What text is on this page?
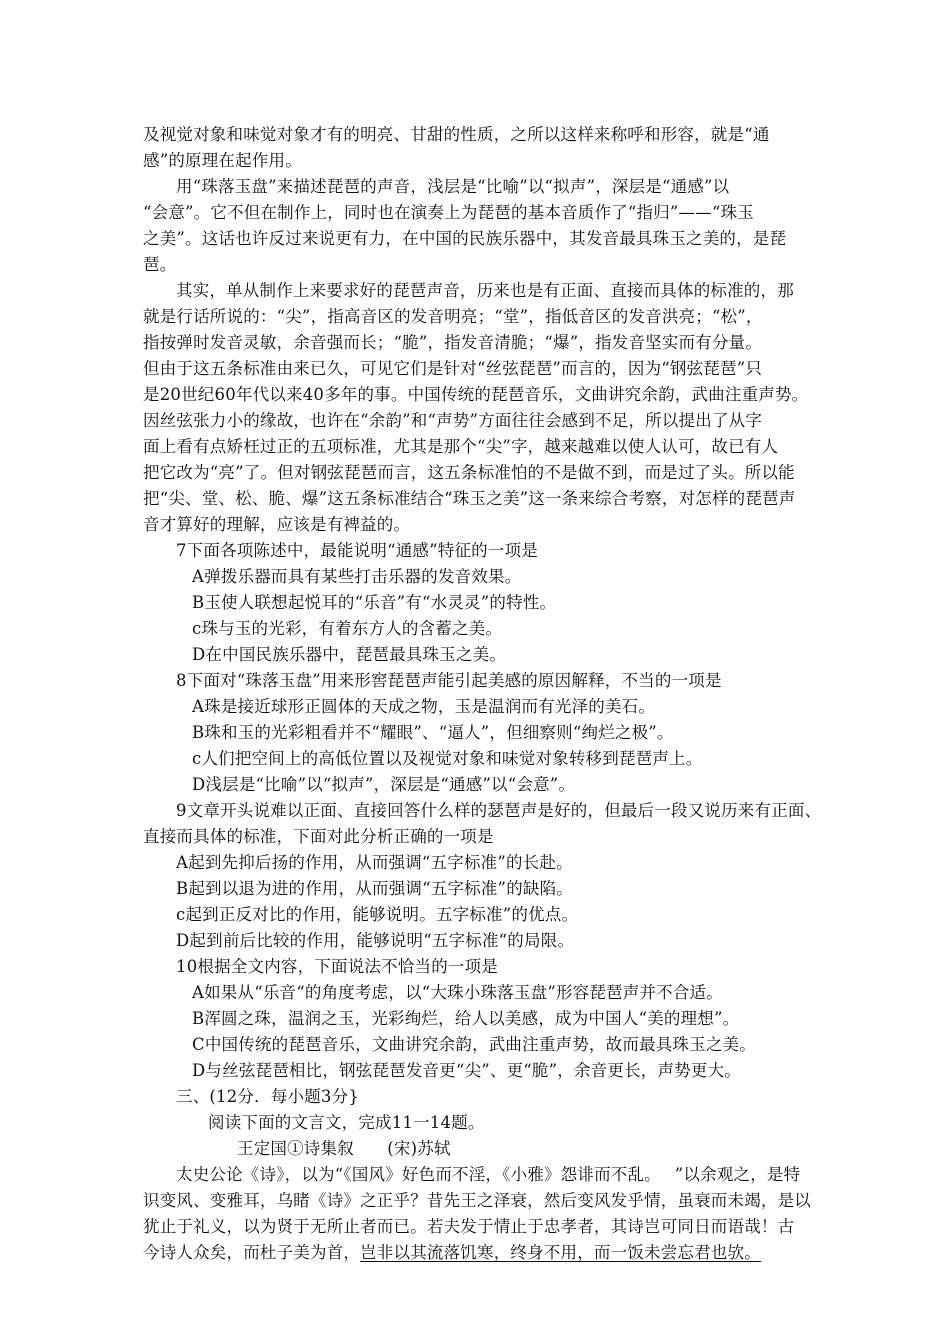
及视觉对象和味觉对象才有的明亮、甘甜的性质，之所以这样来称呼和形容，就是“通
感”的原理在起作用。
用“珠落玉盘”来描述琵琶的声音，浅层是“比喻”以“拟声”，深层是“通感”以
“会意”。它不但在制作上，同时也在演奏上为琵琶的基本音质作了“指归”——“珠玉
之美”。这话也许反过来说更有力，在中国的民族乐器中，其发音最具珠玉之美的，是琵
琶。
其实，单从制作上来要求好的琵琶声音，历来也是有正面、直接而具体的标准的，那
就是行话所说的：“尖”，指高音区的发音明亮；“堂”，指低音区的发音洪亮；“松”，
指按弹时发音灵敏，余音强而长；“脆”，指发音清脆；“爆”，指发音坚实而有分量。
但由于这五条标准由来已久，可见它们是针对“丝弦琵琶”而言的，因为“钢弦琵琶”只
是20世纪60年代以来40多年的事。中国传统的琵琶音乐，文曲讲究余韵，武曲注重声势。
因丝弦张力小的缘故，也许在“余韵”和“声势”方面往往会感到不足，所以提出了从字
面上看有点矫枉过正的五项标准，尤其是那个“尖”字，越来越难以使人认可，故已有人
把它改为“亮”了。但对钢弦琵琶而言，这五条标准怕的不是做不到，而是过了头。所以能
把“尖、堂、松、脆、爆”这五条标准结合“珠玉之美”这一条来综合考察，对怎样的琵琶声
音才算好的理解，应该是有裨益的。
7下面各项陈述中，最能说明“通感”特征的一项是
A弹拨乐器而具有某些打击乐器的发音效果。
B玉使人联想起悦耳的“乐音”有“水灵灵”的特性。
c珠与玉的光彩，有着东方人的含蓄之美。
D在中国民族乐器中，琵琶最具珠玉之美。
8下面对“珠落玉盘”用来形窖琵琶声能引起美感的原因解释，不当的一项是
A珠是接近球形正圆体的天成之物，玉是温润而有光泽的美石。
B珠和玉的光彩粗看并不“耀眼”、“逼人”，但细察则“绚烂之极”。
c人们把空间上的高低位置以及视觉对象和味觉对象转移到琵琶声上。
D浅层是“比喻”以“拟声”，深层是“通感”以“会意”。
9文章开头说难以正面、直接回答什么样的瑟琶声是好的，但最后一段又说历来有正面、
直接而具体的标准，下面对此分析正确的一项是
A起到先抑后扬的作用，从而强调“五字标准”的长赴。
B起到以退为进的作用，从而强调“五字标准”的缺陷。
c起到正反对比的作用，能够说明。五字标准”的优点。
D起到前后比较的作用，能够说明“五字标准“的局限。
10根据全文内容，下面说法不恰当的一项是
A如果从“乐音“的角度考虑，以“大珠小珠落玉盘”形容琵琶声并不合适。
B浑圆之珠，温润之玉，光彩绚烂，给人以美感，成为中国人“美的理想”。
C中国传统的琵琶音乐，文曲讲究余韵，武曲注重声势，故而最具珠玉之美。
D与丝弦琵琶相比，钢弦琵琶发音更“尖”、更“脆”，余音更长，声势更大。
三、(12分．每小题3分}
阅读下面的文言文，完成11一14题。
王定国①诗集叙　　(宋)苏轼
太史公论《诗》，以为“《国风》好色而不淫，《小雅》怨诽而不乱。　 ”以余观之，是特
识变风、变雅耳，乌睹《诗》之正乎？昔先王之泽衰，然后变风发乎情，虽衰而未竭，是以
犹止于礼义，以为贤于无所止者而已。若夫发于情止于忠孝者，其诗岂可同日而语哉！古
今诗人众矣，而杜子美为首，岂非以其流落饥寒，终身不用，而一饭未尝忘君也欤。
